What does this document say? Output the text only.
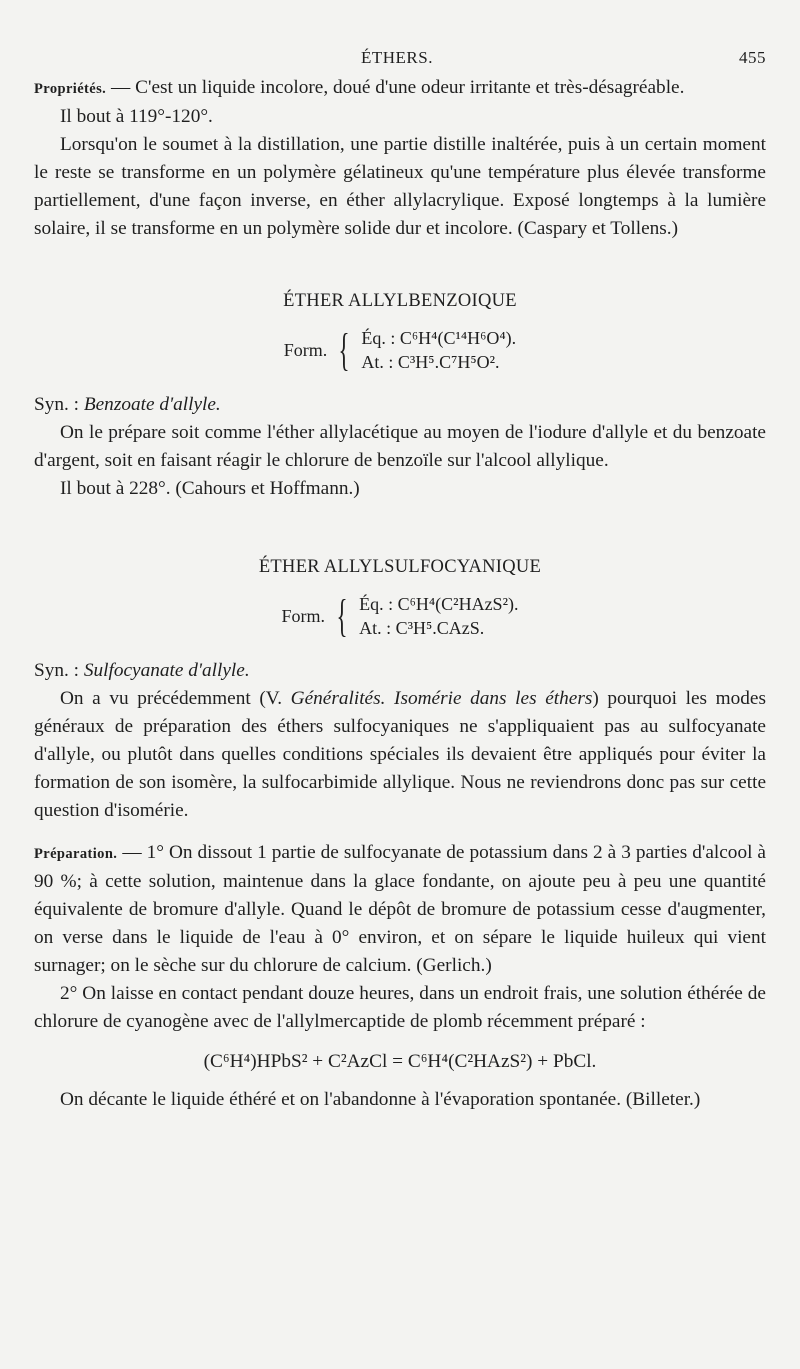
ÉTHERS.	455

Propriétés. — C'est un liquide incolore, doué d'une odeur irritante et très-désagréable.

Il bout à 119°-120°.

Lorsqu'on le soumet à la distillation, une partie distille inaltérée, puis à un certain moment le reste se transforme en un polymère gélatineux qu'une température plus élevée transforme partiellement, d'une façon inverse, en éther allylacrylique. Exposé longtemps à la lumière solaire, il se transforme en un polymère solide dur et incolore. (Caspary et Tollens.)

ÉTHER ALLYLBENZOIQUE
Form. { Éq. : C⁶H⁴(C¹⁴H⁶O⁴).
At. : C³H⁵.C⁷H⁵O².

Syn. : Benzoate d'allyle.

On le prépare soit comme l'éther allylacétique au moyen de l'iodure d'allyle et du benzoate d'argent, soit en faisant réagir le chlorure de benzoïle sur l'alcool allylique.

Il bout à 228°. (Cahours et Hoffmann.)

ÉTHER ALLYLSULFOCYANIQUE
Form. { Éq. : C⁶H⁴(C²HAzS²).
At. : C³H⁵.CAzS.

Syn. : Sulfocyanate d'allyle.

On a vu précédemment (V. Généralités. Isomérie dans les éthers) pourquoi les modes généraux de préparation des éthers sulfocyaniques ne s'appliquaient pas au sulfocyanate d'allyle, ou plutôt dans quelles conditions spéciales ils devaient être appliqués pour éviter la formation de son isomère, la sulfocarbimide allylique. Nous ne reviendrons donc pas sur cette question d'isomérie.

Préparation. — 1° On dissout 1 partie de sulfocyanate de potassium dans 2 à 3 parties d'alcool à 90 %; à cette solution, maintenue dans la glace fondante, on ajoute peu à peu une quantité équivalente de bromure d'allyle. Quand le dépôt de bromure de potassium cesse d'augmenter, on verse dans le liquide de l'eau à 0° environ, et on sépare le liquide huileux qui vient surnager; on le sèche sur du chlorure de calcium. (Gerlich.)

2° On laisse en contact pendant douze heures, dans un endroit frais, une solution éthérée de chlorure de cyanogène avec de l'allylmercaptide de plomb récemment préparé :

(C⁶H⁴)HPbS² + C²AzCl = C⁶H⁴(C²HAzS²) + PbCl.

On décante le liquide éthéré et on l'abandonne à l'évaporation spontanée. (Billeter.)
